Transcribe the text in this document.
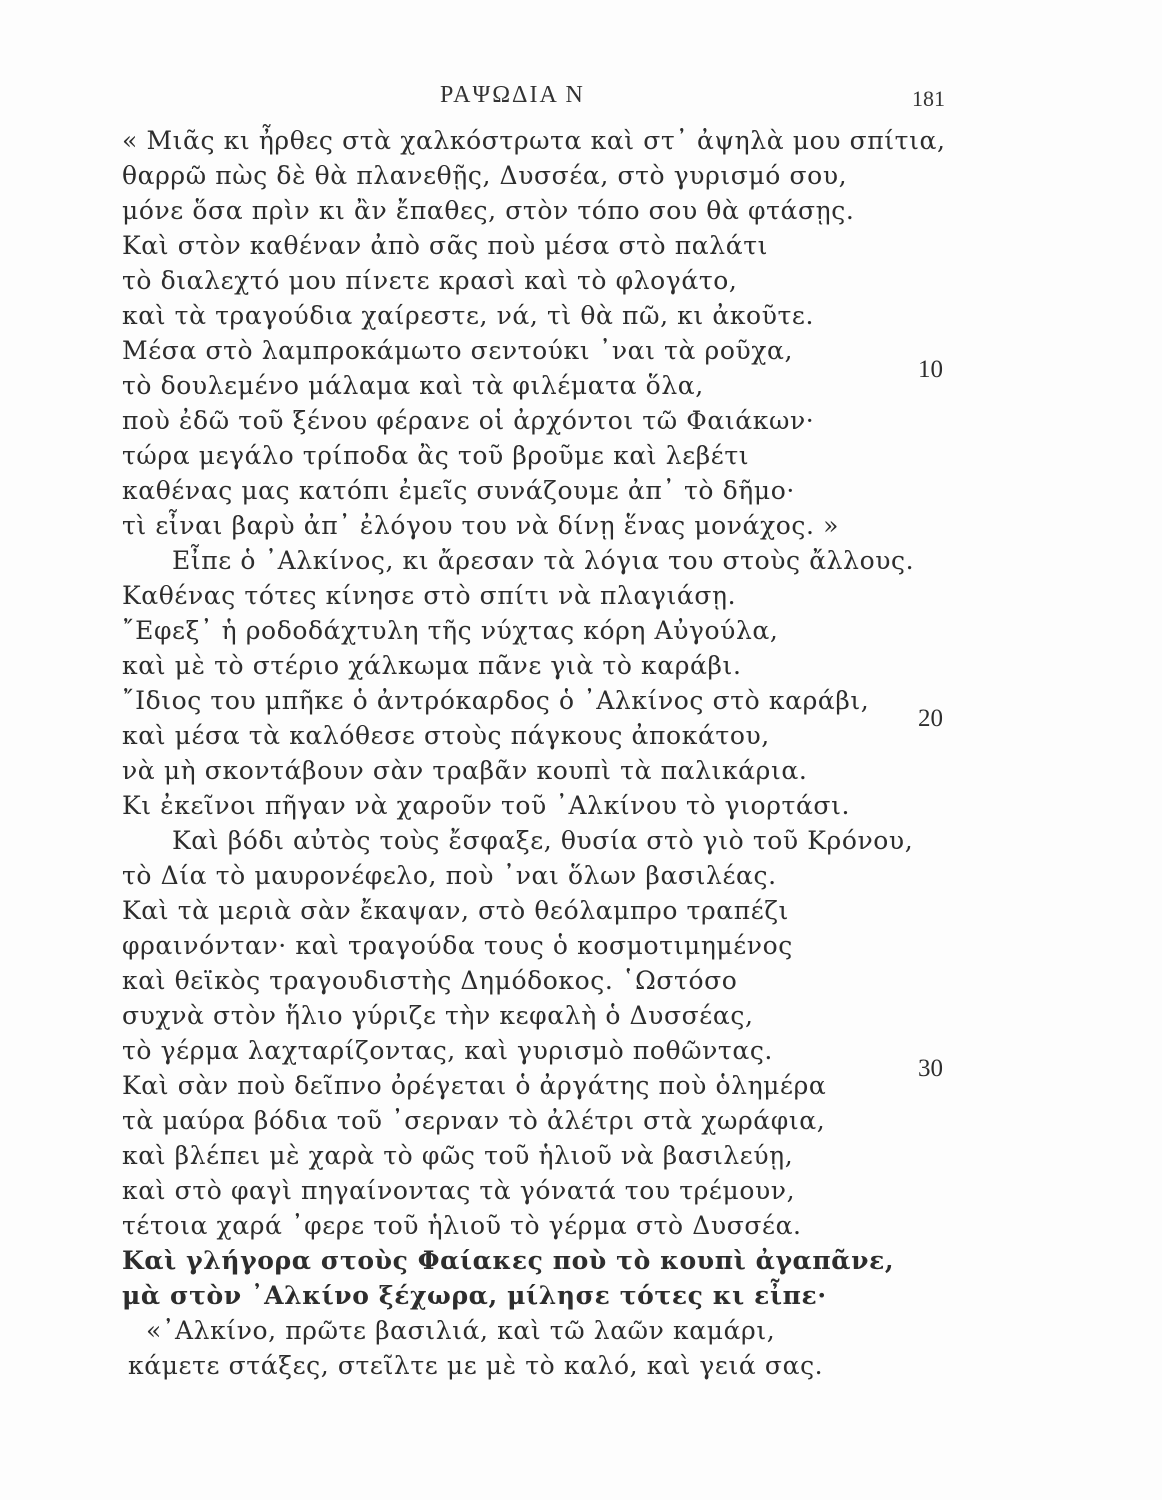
ΡΑΨΩΔΙΑ Ν	181
« Μιᾶς κι ἦρθες στὰ χαλκόστρωτα καὶ στ᾽ ἀψηλὰ μου σπίτια,
θαρρῶ πὼς δὲ θὰ πλανεθῇς, Δυσσέα, στὸ γυρισμό σου,
μόνε ὅσα πρὶν κι ἂν ἔπαθες, στὸν τόπο σου θὰ φτάσῃς.
Καὶ στὸν καθέναν ἀπὸ σᾶς ποὺ μέσα στὸ παλάτι
τὸ διαλεχτό μου πίνετε κρασὶ καὶ τὸ φλογάτο,
καὶ τὰ τραγούδια χαίρεστε, νά, τὶ θὰ πῶ, κι ἀκοῦτε.
Μέσα στὸ λαμπροκάμωτο σεντούκι ᾽ναι τὰ ροῦχα,
τὸ δουλεμένο μάλαμα καὶ τὰ φιλέματα ὅλα,
ποὺ ἐδῶ τοῦ ξένου φέρανε οἱ ἀρχόντοι τῶ Φαιάκων·
τώρα μεγάλο τρίποδα ἂς τοῦ βροῦμε καὶ λεβέτι
καθένας μας κατόπι ἐμεῖς συνάζουμε ἀπ᾽ τὸ δῆμο·
τὶ εἶναι βαρὺ ἀπ᾽ ἐλόγου του νὰ δίνῃ ἕνας μονάχος. »
Εἶπε ὁ ᾽Αλκίνος, κι ἄρεσαν τὰ λόγια του στοὺς ἄλλους.
Καθένας τότες κίνησε στὸ σπίτι νὰ πλαγιάσῃ.
῎Εφεξ᾽ ἡ ροδοδάχτυλη τῆς νύχτας κόρη Αὐγούλα,
καὶ μὲ τὸ στέριο χάλκωμα πᾶνε γιὰ τὸ καράβι.
῎Ιδιος του μπῆκε ὁ ἀντρόκαρδος ὁ ᾽Αλκίνος στὸ καράβι,
καὶ μέσα τὰ καλόθεσε στοὺς πάγκους ἀποκάτου,
νὰ μὴ σκοντάβουν σὰν τραβᾶν κουπὶ τὰ παλικάρια.
Κι ἐκεῖνοι πῆγαν νὰ χαροῦν τοῦ ᾽Αλκίνου τὸ γιορτάσι.
Καὶ βόδι αὐτὸς τοὺς ἔσφαξε, θυσία στὸ γιὸ τοῦ Κρόνου,
τὸ Δία τὸ μαυρονέφελο, ποὺ ᾽ναι ὅλων βασιλέας.
Καὶ τὰ μεριὰ σὰν ἔκαψαν, στὸ θεόλαμπρο τραπέζι
φραινόνταν· καὶ τραγούδα τους ὁ κοσμοτιμημένος
καὶ θεϊκὸς τραγουδιστὴς Δημόδοκος. ῾Ωστόσο
συχνὰ στὸν ἥλιο γύριζε τὴν κεφαλὴ ὁ Δυσσέας,
τὸ γέρμα λαχταρίζοντας, καὶ γυρισμὸ ποθῶντας.
Καὶ σὰν ποὺ δεῖπνο ὀρέγεται ὁ ἀργάτης ποὺ ὁλημέρα
τὰ μαύρα βόδια τοῦ ᾽σερναν τὸ ἀλέτρι στὰ χωράφια,
καὶ βλέπει μὲ χαρὰ τὸ φῶς τοῦ ἡλιοῦ νὰ βασιλεύῃ,
καὶ στὸ φαγὶ πηγαίνοντας τὰ γόνατά του τρέμουν,
τέτοια χαρά ᾽φερε τοῦ ἡλιοῦ τὸ γέρμα στὸ Δυσσέα.
Καὶ γλήγορα στοὺς Φαίακες ποὺ τὸ κουπὶ ἀγαπᾶνε,
μὰ στὸν ᾽Αλκίνο ξέχωρα, μίλησε τότες κι εἶπε·
«᾽Αλκίνο, πρῶτε βασιλιά, καὶ τῶ λαῶν καμάρι,
κάμετε στάξες, στεῖλτε με μὲ τὸ καλό, καὶ γειά σας.
10
20
30
